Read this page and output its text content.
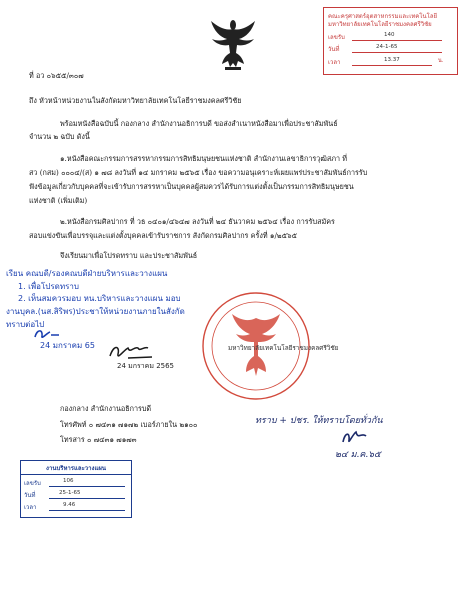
คณะครุศาสตร์อุตสาหกรรมและเทคโนโลยี
มหาวิทยาลัยเทคโนโลยีราชมงคลศรีวิชัย
เลขรับ	140
วันที่	24-1-65
เวลา	13.37	น.
ที่ อว ๐๖๕๕/๓๐๗
ถึง หัวหน้าหน่วยงานในสังกัดมหาวิทยาลัยเทคโนโลยีราชมงคลศรีวิชัย
พร้อมหนังสือฉบับนี้ กองกลาง สำนักงานอธิการบดี ขอส่งสำเนาหนังสือมาเพื่อประชาสัมพันธ์
จำนวน ๒ ฉบับ ดังนี้
๑.หนังสือคณะกรรมการสรรหากรรมการสิทธิมนุษยชนแห่งชาติ สำนักงานเลขาธิการวุฒิสภา ที่
สว (กสม) ๐๐๐๔/(ส) ๑ ๗๘ ลงวันที่ ๑๔ มกราคม ๒๕๖๕ เรื่อง ขอความอนุเคราะห์เผยแพร่ประชาสัมพันธ์การรับ
ฟังข้อมูลเกี่ยวกับบุคคลที่จะเข้ารับการสรรหาเป็นบุคคลผู้สมควรได้รับการแต่งตั้งเป็นกรรมการสิทธิมนุษยชน
แห่งชาติ (เพิ่มเติม)
๒.หนังสือกรมศิลปากร ที่ วธ ๐๔๐๑/๔๖๔๗ ลงวันที่ ๒๔ ธันวาคม ๒๕๖๔ เรื่อง การรับสมัคร
สอบแข่งขันเพื่อบรรจุและแต่งตั้งบุคคลเข้ารับราชการ สังกัดกรมศิลปากร ครั้งที่ ๑/๒๕๖๕
จึงเรียนมาเพื่อโปรดทราบ และประชาสัมพันธ์
เรียน คณบดี/รองคณบดีฝ่ายบริหารและวางแผน
1. เพื่อโปรดทราบ
2. เห็นสมควรมอบ หน.บริหารและวางแผน มอบ
งานบุคล.(นส.สิริพร)ประชาให้หน่วยงานภายในสังกัด
ทราบต่อไป
24 มกราคม 65
24 มกราคม 2565
มหาวิทยาลัยเทคโนโลยีราชมงคลศรีวิชัย
กองกลาง สำนักงานอธิการบดี
โทรศัพท์ ๐ ๗๔๓๑ ๗๑๗๒ เบอร์ภายใน ๒๑๐๐
โทรสาร ๐ ๗๔๓๑ ๗๑๗๓
ทราบ + ปชร. ให้ทราบโดยทั่วกัน
๒๔ ม.ค.๖๕
งานบริหารและวางแผน
เลขรับ	106
วันที่	25-1-65
เวลา	9.46
